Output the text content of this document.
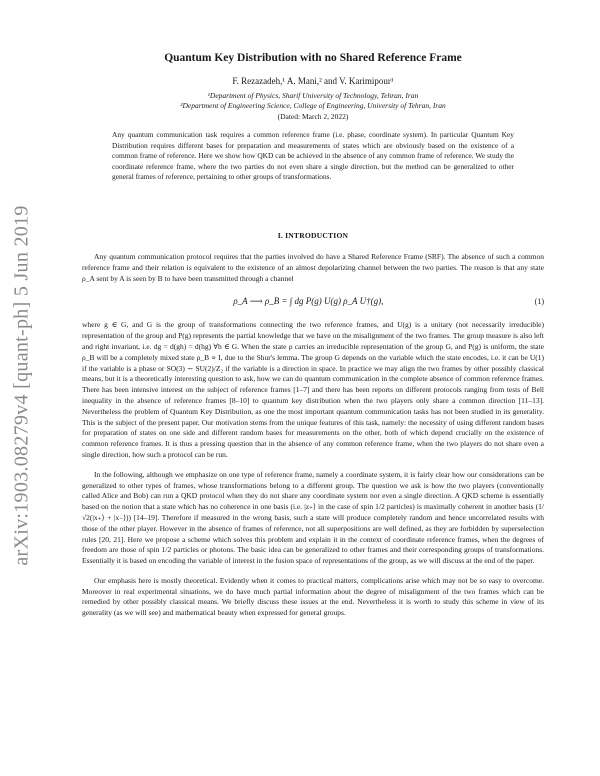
arXiv:1903.08279v4 [quant-ph] 5 Jun 2019
Quantum Key Distribution with no Shared Reference Frame
F. Rezazadeh,¹ A. Mani,² and V. Karimipour¹
¹Department of Physics, Sharif University of Technology, Tehran, Iran
²Department of Engineering Science, College of Engineering, University of Tehran, Iran
(Dated: March 2, 2022)
Any quantum communication task requires a common reference frame (i.e. phase, coordinate system). In particular Quantum Key Distribution requires different bases for preparation and measurements of states which are obviously based on the existence of a common frame of reference. Here we show how QKD can be achieved in the absence of any common frame of reference. We study the coordinate reference frame, where the two parties do not even share a single direction, but the method can be generalized to other general frames of reference, pertaining to other groups of transformations.
I. INTRODUCTION

Any quantum communication protocol requires that the parties involved do have a Shared Reference Frame (SRF). The absence of such a common reference frame and their relation is equivalent to the existence of an almost depolarizing channel between the two parties. The reason is that any state ρ_A sent by A is seen by B to have been transmitted through a channel

ρ_A ⟶ ρ_B = ∫ dg P(g) U(g) ρ_A U†(g),	(1)

where g ∈ G, and G is the group of transformations connecting the two reference frames, and U(g) is a unitary (not necessarily irreducible) representation of the group and P(g) represents the partial knowledge that we have on the misalignment of the two frames. The group measure is also left and right invariant, i.e. dg = d(gh) = d(hg) ∀h ∈ G. When the state ρ carries an irreducible representation of the group G, and P(g) is uniform, the state ρ_B will be a completely mixed state ρ_B ∝ I, due to the Shur's lemma. The group G depends on the variable which the state encodes, i.e. it can be U(1) if the variable is a phase or SO(3) ∼ SU(2)/Z₂ if the variable is a direction in space. In practice we may align the two frames by other possibly classical means, but it is a theoretically interesting question to ask, how we can do quantum communication in the complete absence of common reference frames. There has been intensive interest on the subject of reference frames [1–7] and there has been reports on different protocols ranging from tests of Bell inequality in the absence of reference frames [8–10] to quantum key distribution when the two players only share a common direction [11–13]. Nevertheless the problem of Quantum Key Distribution, as one the most important quantum communication tasks has not been studied in its generality. This is the subject of the present paper. Our motivation stems from the unique features of this task, namely: the necessity of using different random bases for preparation of states on one side and different random bases for measurements on the other, both of which depend crucially on the existence of common reference frames. It is thus a pressing question that in the absence of any common reference frame, when the two players do not share even a single direction, how such a protocol can be run.

In the following, although we emphasize on one type of reference frame, namely a coordinate system, it is fairly clear how our considerations can be generalized to other types of frames, whose transformations belong to a different group. The question we ask is how the two players (conventionally called Alice and Bob) can run a QKD protocol when they do not share any coordinate system nor even a single direction. A QKD scheme is essentially based on the notion that a state which has no coherence in one basis (i.e. |z₊⟩ in the case of spin 1/2 particles) is maximally coherent in another basis (1/√2(|x₊⟩ + |x₋⟩)) [14–19]. Therefore if measured in the wrong basis, such a state will produce completely random and hence uncorrelated results with those of the other player. However in the absence of frames of reference, not all superpositions are well defined, as they are forbidden by superselection rules [20, 21]. Here we propose a scheme which solves this problem and explain it in the context of coordinate reference frames, when the degrees of freedom are those of spin 1/2 particles or photons. The basic idea can be generalized to other frames and their corresponding groups of transformations. Essentially it is based on encoding the variable of interest in the fusion space of representations of the group, as we will discuss at the end of the paper.

Our emphasis here is mostly theoretical. Evidently when it comes to practical matters, complications arise which may not be so easy to overcome. Moreover in real experimental situations, we do have much partial information about the degree of misalignment of the two frames which can be remedied by other possibly classical means. We briefly discuss these issues at the end. Nevertheless it is worth to study this scheme in view of its generality (as we will see) and mathematical beauty when expressed for general groups.
